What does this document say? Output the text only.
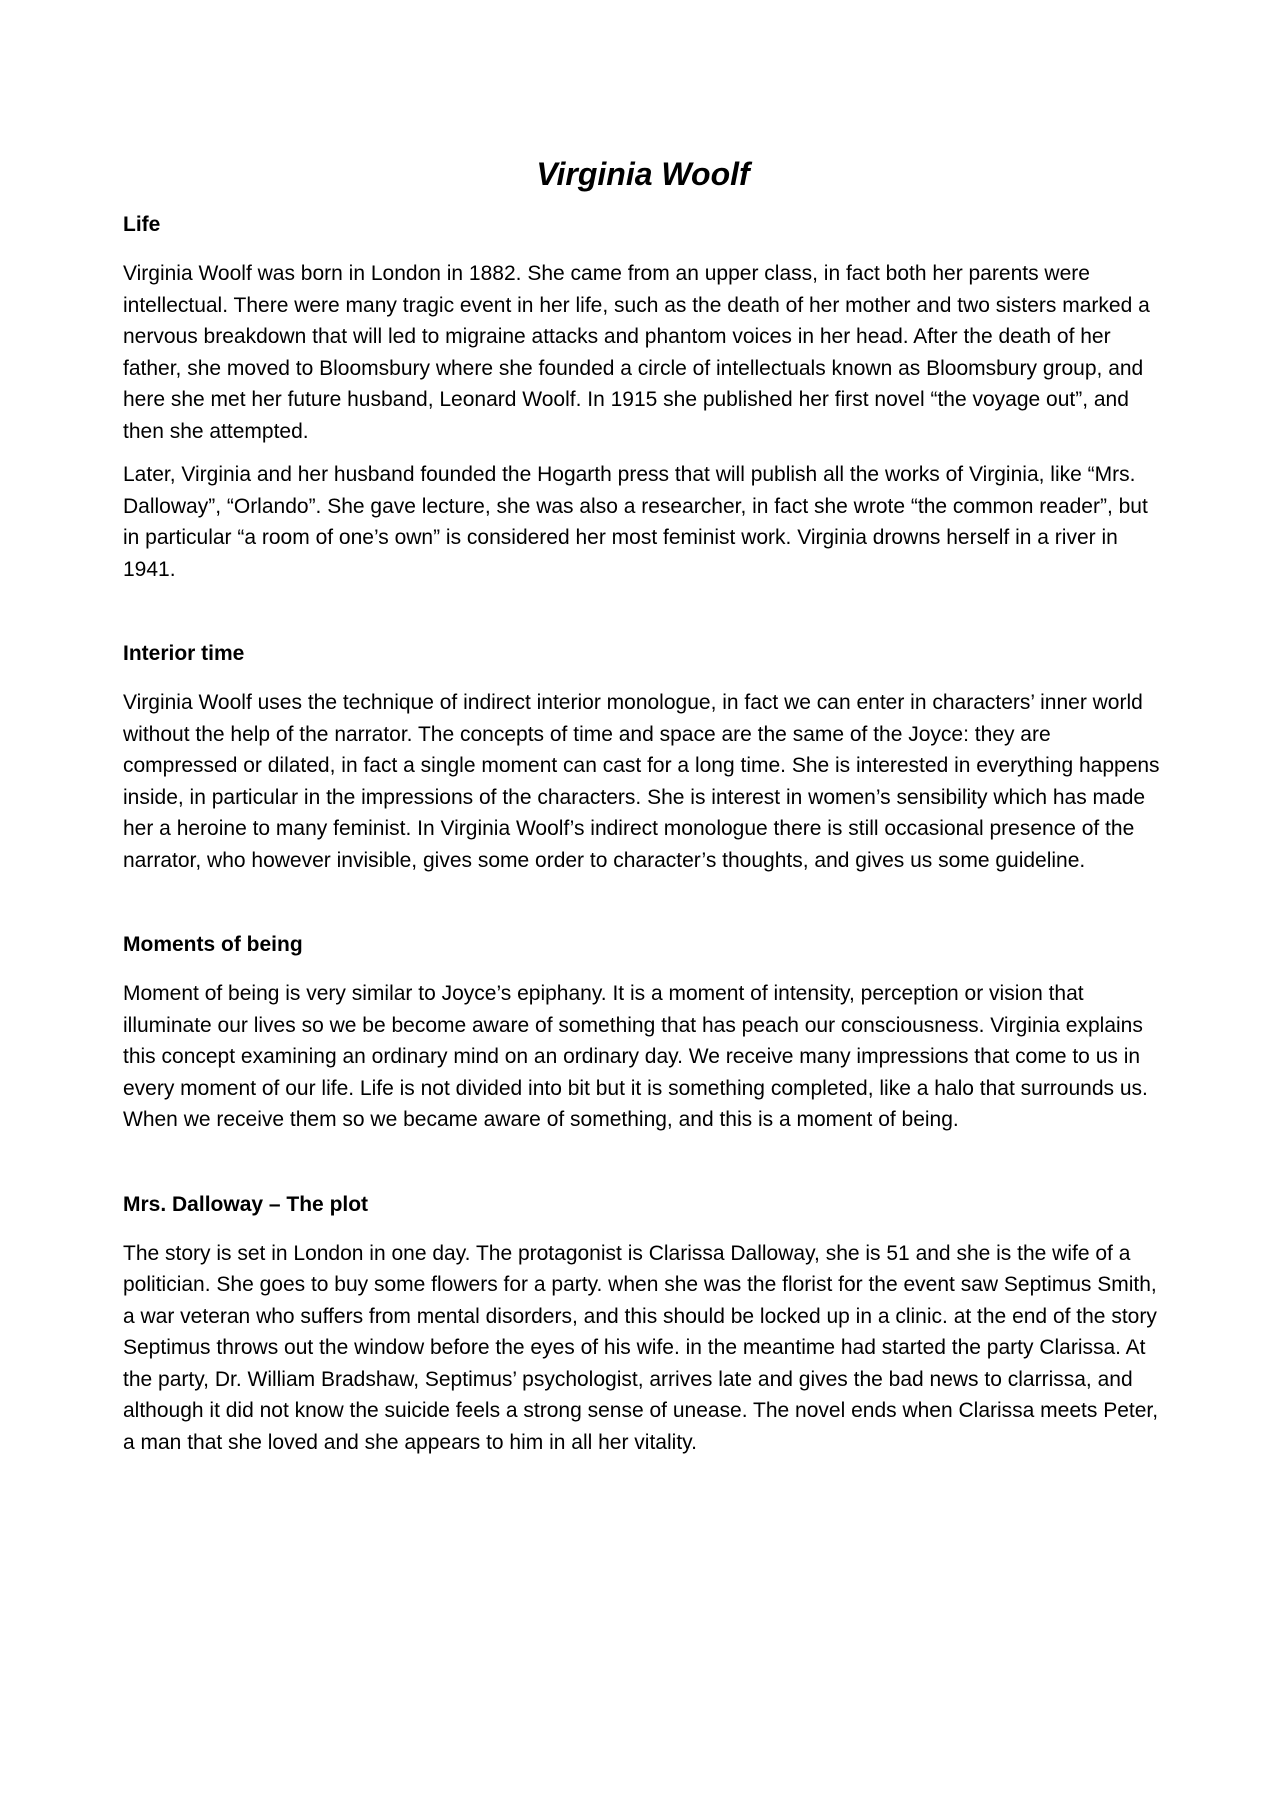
Virginia Woolf
Life

Virginia Woolf was born in London in 1882. She came from an upper class, in fact both her parents were intellectual. There were many tragic event in her life, such as the death of her mother and two sisters marked a nervous breakdown that will led to migraine attacks and phantom voices in her head. After the death of her father, she moved to Bloomsbury where she founded a circle of intellectuals known as Bloomsbury group, and here she met her future husband, Leonard Woolf. In 1915 she published her first novel “the voyage out”, and then she attempted.

Later, Virginia and her husband founded the Hogarth press that will publish all the works of Virginia, like “Mrs. Dalloway”, “Orlando”. She gave lecture, she was also a researcher, in fact she wrote “the common reader”, but in particular “a room of one’s own” is considered her most feminist work. Virginia drowns herself in a river in 1941.

Interior time

Virginia Woolf uses the technique of indirect interior monologue, in fact we can enter in characters’ inner world without the help of the narrator. The concepts of time and space are the same of the Joyce: they are compressed or dilated, in fact a single moment can cast for a long time. She is interested in everything happens inside, in particular in the impressions of the characters. She is interest in women’s sensibility which has made her a heroine to many feminist. In Virginia Woolf’s indirect monologue there is still occasional presence of the narrator, who however invisible, gives some order to character’s thoughts, and gives us some guideline.

Moments of being

Moment of being is very similar to Joyce’s epiphany. It is a moment of intensity, perception or vision that illuminate our lives so we be become aware of something that has peach our consciousness. Virginia explains this concept examining an ordinary mind on an ordinary day. We receive many impressions that come to us in every moment of our life. Life is not divided into bit but it is something completed, like a halo that surrounds us. When we receive them so we became aware of something, and this is a moment of being.

Mrs. Dalloway – The plot

The story is set in London in one day. The protagonist is Clarissa Dalloway, she is 51 and she is the wife of a politician. She goes to buy some flowers for a party. when she was the florist for the event saw Septimus Smith, a war veteran who suffers from mental disorders, and this should be locked up in a clinic. at the end of the story Septimus throws out the window before the eyes of his wife. in the meantime had started the party Clarissa. At the party, Dr. William Bradshaw, Septimus’ psychologist, arrives late and gives the bad news to clarrissa, and although it did not know the suicide feels a strong sense of unease. The novel ends when Clarissa meets Peter, a man that she loved and she appears to him in all her vitality.
